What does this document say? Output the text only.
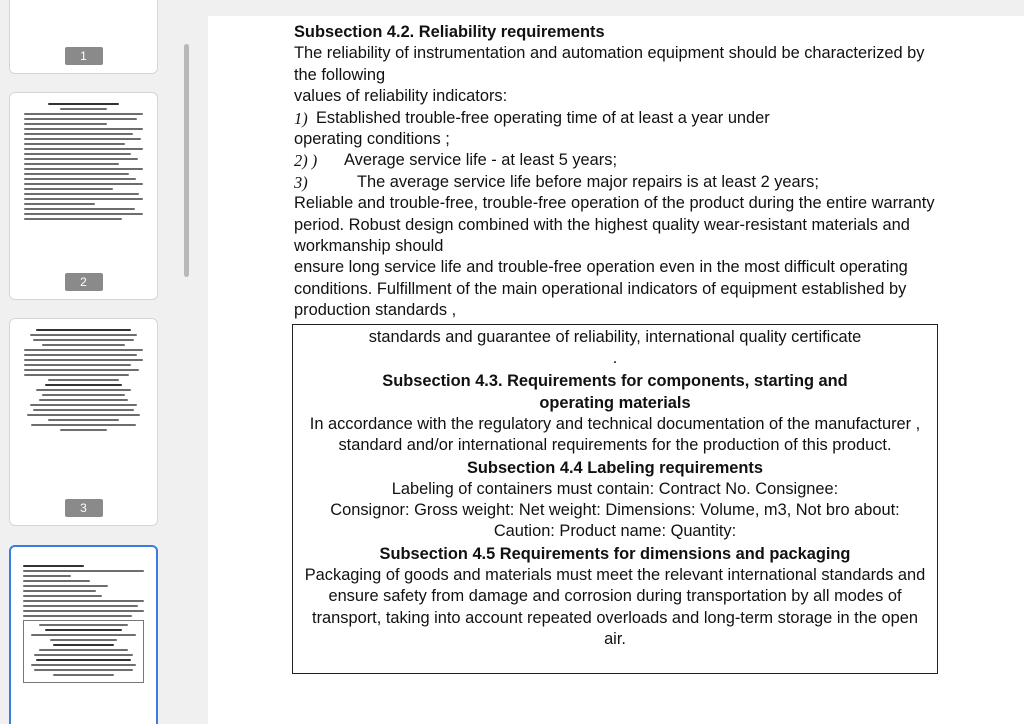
1
2
3
Subsection 4.2. Reliability requirements

The reliability of instrumentation and automation equipment should be characterized by the following

values of reliability indicators:

1) Established trouble-free operating time of at least a year under

operating conditions ;

2) )	Average service life - at least 5 years;
3)	The average service life before major repairs is at least 2 years;

Reliable and trouble-free, trouble-free operation of the product during the entire warranty period. Robust design combined with the highest quality wear-resistant materials and workmanship should

ensure long service life and trouble-free operation even in the most difficult operating conditions. Fulfillment of the main operational indicators of equipment established by production standards ,

standards and guarantee of reliability, international quality certificate

.

Subsection 4.3. Requirements for components, starting and operating materials

In accordance with the regulatory and technical documentation of the manufacturer , standard and/or international requirements for the production of this product.

Subsection 4.4 Labeling requirements

Labeling of containers must contain: Contract No. Consignee:

Consignor: Gross weight: Net weight: Dimensions: Volume, m3, Not bro about:

Caution: Product name: Quantity:

Subsection 4.5 Requirements for dimensions and packaging

Packaging of goods and materials must meet the relevant international standards and ensure safety from damage and corrosion during transportation by all modes of transport, taking into account repeated overloads and long-term storage in the open air.
